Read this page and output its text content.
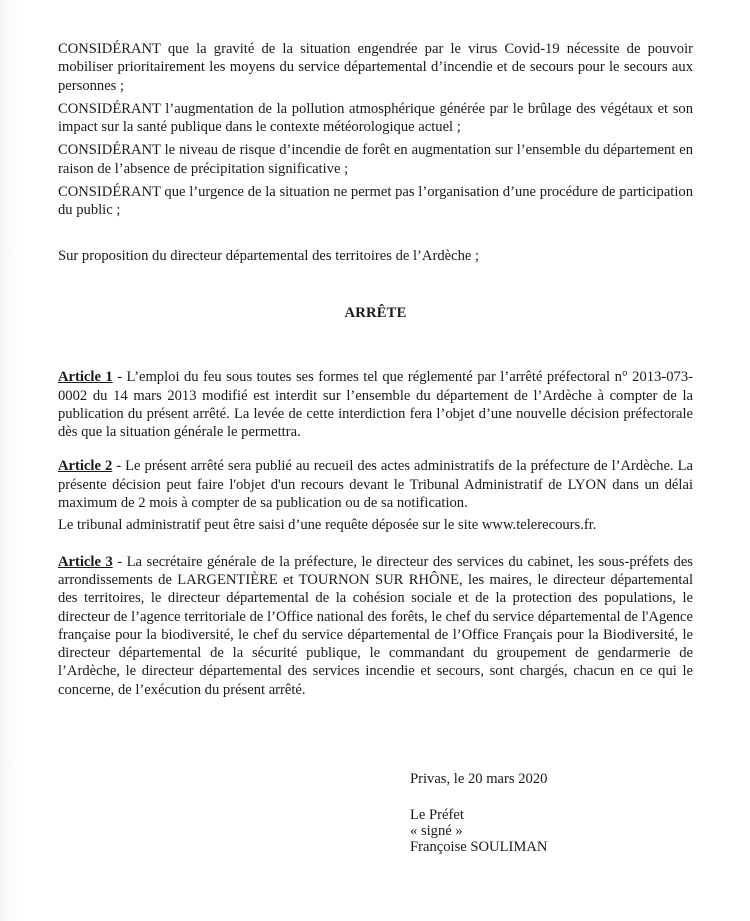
CONSIDÉRANT que la gravité de la situation engendrée par le virus Covid-19 nécessite de pouvoir mobiliser prioritairement les moyens du service départemental d’incendie et de secours pour le secours aux personnes ;

CONSIDÉRANT l’augmentation de la pollution atmosphérique générée par le brûlage des végétaux et son impact sur la santé publique dans le contexte météorologique actuel ;

CONSIDÉRANT le niveau de risque d’incendie de forêt en augmentation sur l’ensemble du département en raison de l’absence de précipitation significative ;

CONSIDÉRANT que l’urgence de la situation ne permet pas l’organisation d’une procédure de participation du public ;

Sur proposition du directeur départemental des territoires de l’Ardèche ;

ARRÊTE

Article 1 - L’emploi du feu sous toutes ses formes tel que réglementé par l’arrêté préfectoral n° 2013-073-0002 du 14 mars 2013 modifié est interdit sur l’ensemble du département de l’Ardèche à compter de la publication du présent arrêté. La levée de cette interdiction fera l’objet d’une nouvelle décision préfectorale dès que la situation générale le permettra.

Article 2 - Le présent arrêté sera publié au recueil des actes administratifs de la préfecture de l’Ardèche. La présente décision peut faire l'objet d'un recours devant le Tribunal Administratif de LYON dans un délai maximum de 2 mois à compter de sa publication ou de sa notification.

Le tribunal administratif peut être saisi d’une requête déposée sur le site www.telerecours.fr.

Article 3 - La secrétaire générale de la préfecture, le directeur des services du cabinet, les sous-préfets des arrondissements de LARGENTIÈRE et TOURNON SUR RHÔNE, les maires, le directeur départemental des territoires, le directeur départemental de la cohésion sociale et de la protection des populations, le directeur de l’agence territoriale de l’Office national des forêts, le chef du service départemental de l'Agence française pour la biodiversité, le chef du service départemental de l’Office Français pour la Biodiversité, le directeur départemental de la sécurité publique, le commandant du groupement de gendarmerie de l’Ardèche, le directeur départemental des services incendie et secours, sont chargés, chacun en ce qui le concerne, de l’exécution du présent arrêté.

Privas, le 20 mars 2020
Le Préfet
« signé »
Françoise SOULIMAN
